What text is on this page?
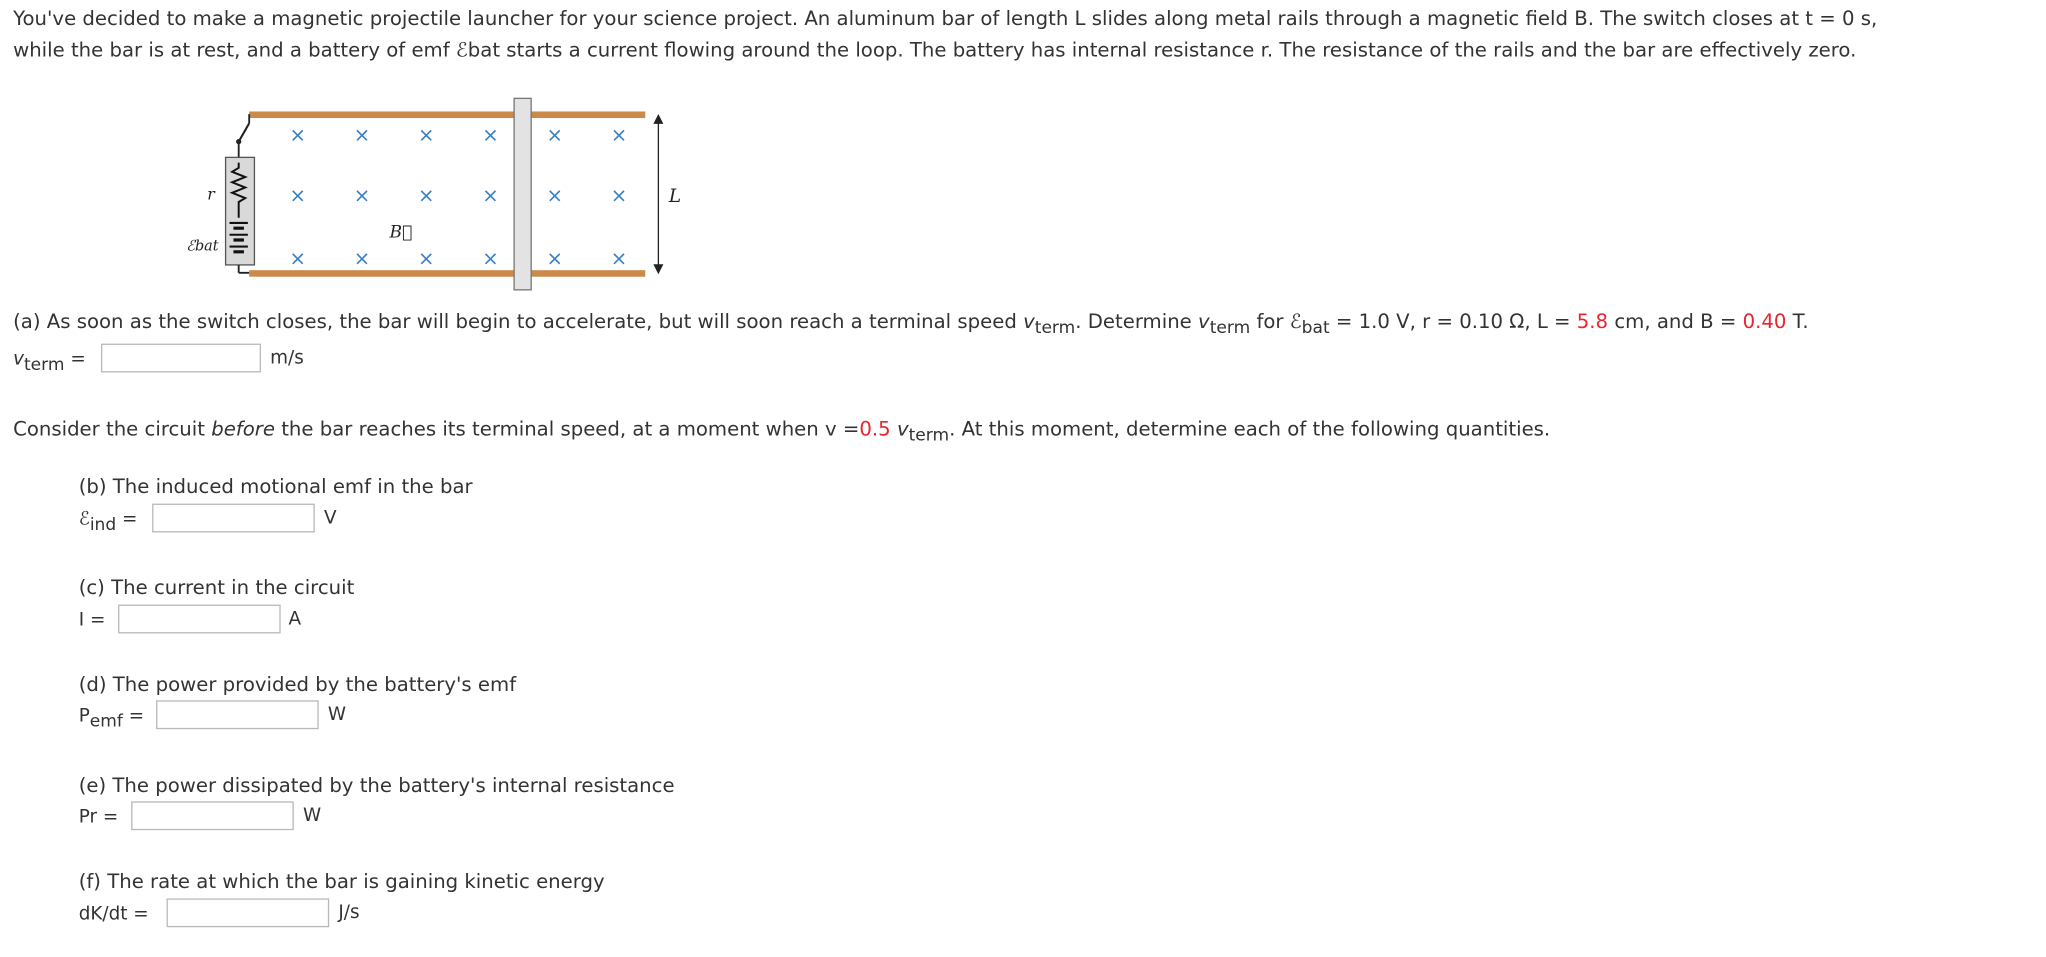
You've decided to make a magnetic projectile launcher for your science project. An aluminum bar of length L slides along metal rails through a magnetic field B. The switch closes at t = 0 s,
while the bar is at rest, and a battery of emf ℰbat starts a current flowing around the loop. The battery has internal resistance r. The resistance of the rails and the bar are effectively zero.
L
r
ℰbat
B⃗
×	×	×	×	×	×
×	×	×	×	×	×
×	×	×	×	×	×
(a) As soon as the switch closes, the bar will begin to accelerate, but will soon reach a terminal speed vterm. Determine vterm for ℰbat = 1.0 V, r = 0.10 Ω, L = 5.8 cm, and B = 0.40 T.
vterm =	m/s
Consider the circuit before the bar reaches its terminal speed, at a moment when v =0.5 vterm. At this moment, determine each of the following quantities.
(b) The induced motional emf in the bar
ℰind =	V
(c) The current in the circuit
I =	A
(d) The power provided by the battery's emf
Pemf =	W
(e) The power dissipated by the battery's internal resistance
Pr =	W
(f) The rate at which the bar is gaining kinetic energy
dK/dt =	J/s
